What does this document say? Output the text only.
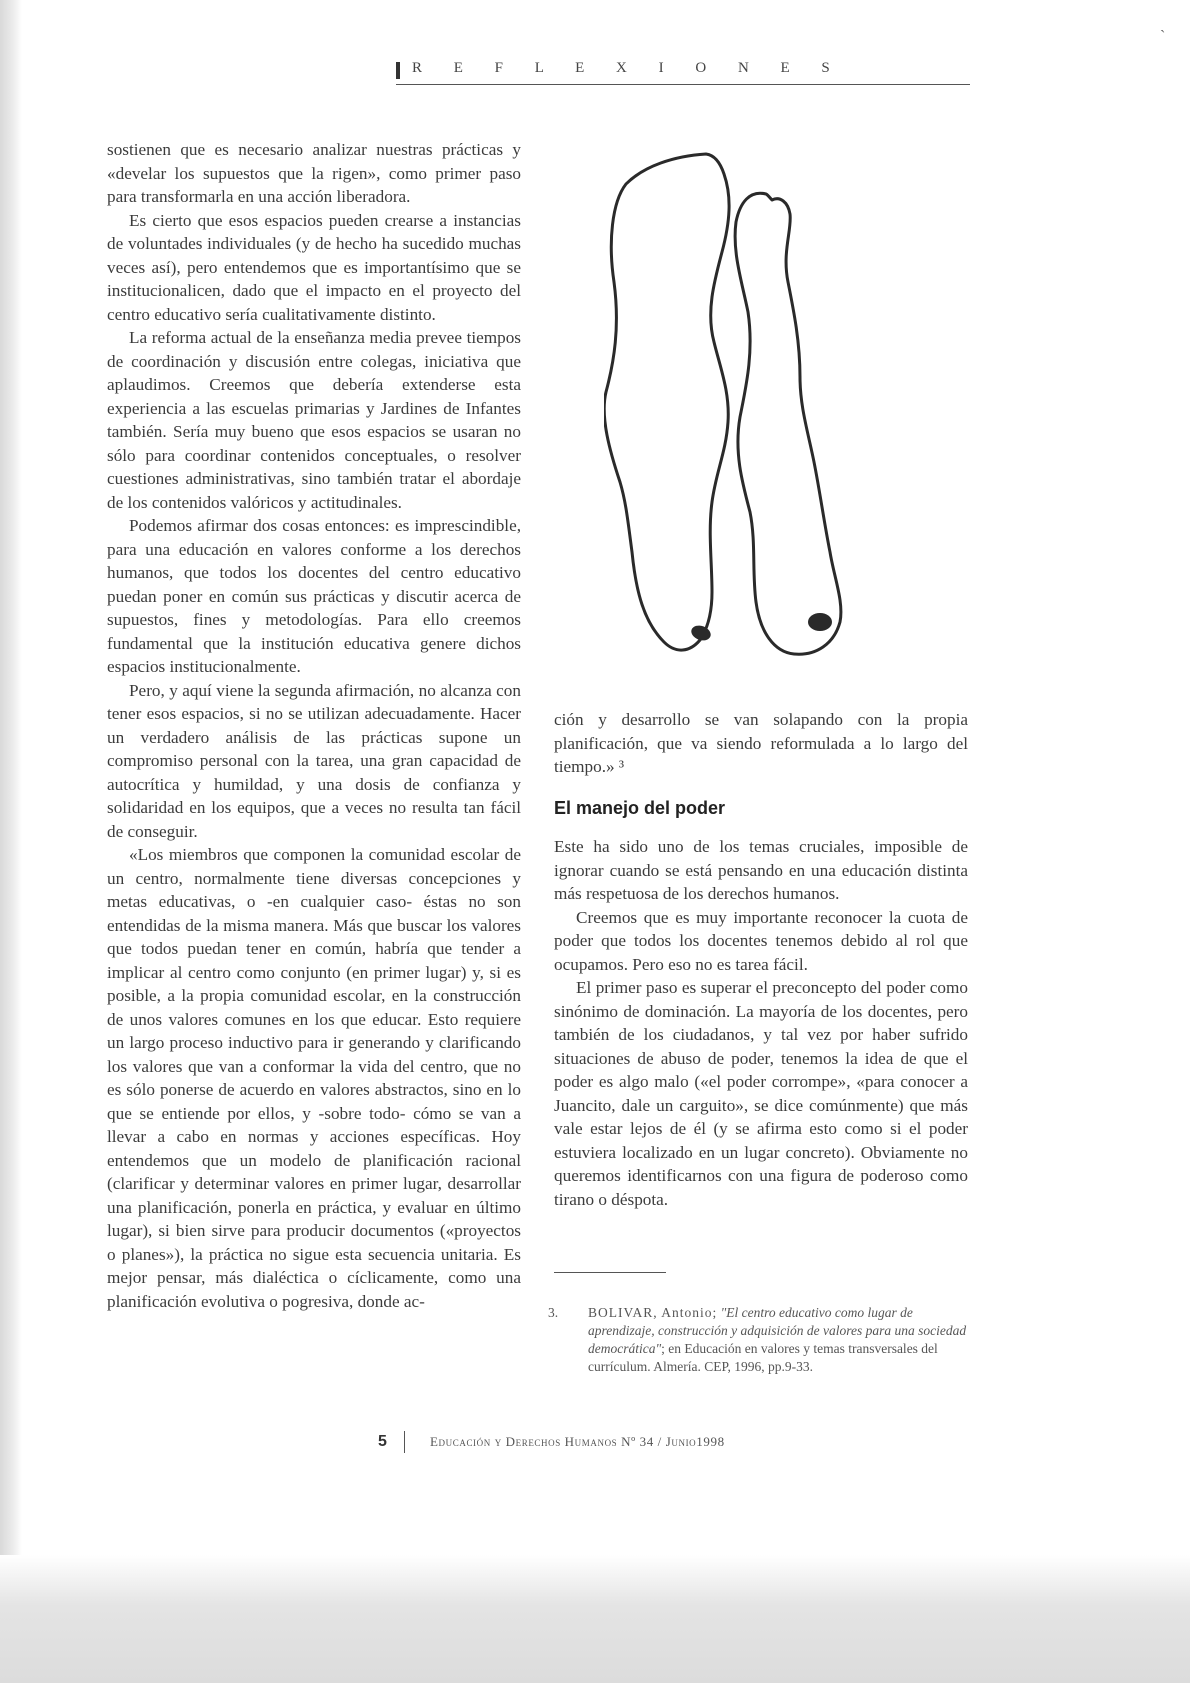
ˋ
R E F L E X I O N E S

sostienen que es necesario analizar nuestras prácticas y «develar los supuestos que la rigen», como primer paso para transformarla en una acción liberadora.

Es cierto que esos espacios pueden crearse a instancias de voluntades individuales (y de hecho ha sucedido muchas veces así), pero entendemos que es importantísimo que se institucionalicen, dado que el impacto en el proyecto del centro educativo sería cualitativamente distinto.

La reforma actual de la enseñanza media prevee tiempos de coordinación y discusión entre colegas, iniciativa que aplaudimos. Creemos que debería extenderse esta experiencia a las escuelas primarias y Jardines de Infantes también. Sería muy bueno que esos espacios se usaran no sólo para coordinar contenidos conceptuales, o resolver cuestiones administrativas, sino también tratar el abordaje de los contenidos valóricos y actitudinales.

Podemos afirmar dos cosas entonces: es imprescindible, para una educación en valores conforme a los derechos humanos, que todos los docentes del centro educativo puedan poner en común sus prácticas y discutir acerca de supuestos, fines y metodologías. Para ello creemos fundamental que la institución educativa genere dichos espacios institucionalmente.

Pero, y aquí viene la segunda afirmación, no alcanza con tener esos espacios, si no se utilizan adecuadamente. Hacer un verdadero análisis de las prácticas supone un compromiso personal con la tarea, una gran capacidad de autocrítica y humildad, y una dosis de confianza y solidaridad en los equipos, que a veces no resulta tan fácil de conseguir.

«Los miembros que componen la comunidad escolar de un centro, normalmente tiene diversas concepciones y metas educativas, o -en cualquier caso- éstas no son entendidas de la misma manera. Más que buscar los valores que todos puedan tener en común, habría que tender a implicar al centro como conjunto (en primer lugar) y, si es posible, a la propia comunidad escolar, en la construcción de unos valores comunes en los que educar. Esto requiere un largo proceso inductivo para ir generando y clarificando los valores que van a conformar la vida del centro, que no es sólo ponerse de acuerdo en valores abstractos, sino en lo que se entiende por ellos, y -sobre todo- cómo se van a llevar a cabo en normas y acciones específicas. Hoy entendemos que un modelo de planificación racional (clarificar y determinar valores en primer lugar, desarrollar una planificación, ponerla en práctica, y evaluar en último lugar), si bien sirve para producir documentos («proyectos o planes»), la práctica no sigue esta secuencia unitaria. Es mejor pensar, más dialéctica o cíclicamente, como una planificación evolutiva o pogresiva, donde ac-

ción y desarrollo se van solapando con la propia planificación, que va siendo reformulada a lo largo del tiempo.» ³

El manejo del poder

Este ha sido uno de los temas cruciales, imposible de ignorar cuando se está pensando en una educación distinta más respetuosa de los derechos humanos.

Creemos que es muy importante reconocer la cuota de poder que todos los docentes tenemos debido al rol que ocupamos. Pero eso no es tarea fácil.

El primer paso es superar el preconcepto del poder como sinónimo de dominación. La mayoría de los docentes, pero también de los ciudadanos, y tal vez por haber sufrido situaciones de abuso de poder, tenemos la idea de que el poder es algo malo («el poder corrompe», «para conocer a Juancito, dale un carguito», se dice comúnmente) que más vale estar lejos de él (y se afirma esto como si el poder estuviera localizado en un lugar concreto). Obviamente no queremos identificarnos con una figura de poderoso como tirano o déspota.

3. BOLIVAR, Antonio; "El centro educativo como lugar de aprendizaje, construcción y adquisición de valores para una sociedad democrática"; en Educación en valores y temas transversales del currículum. Almería. CEP, 1996, pp.9-33.
5	Educación y Derechos Humanos Nº 34 / Junio1998
